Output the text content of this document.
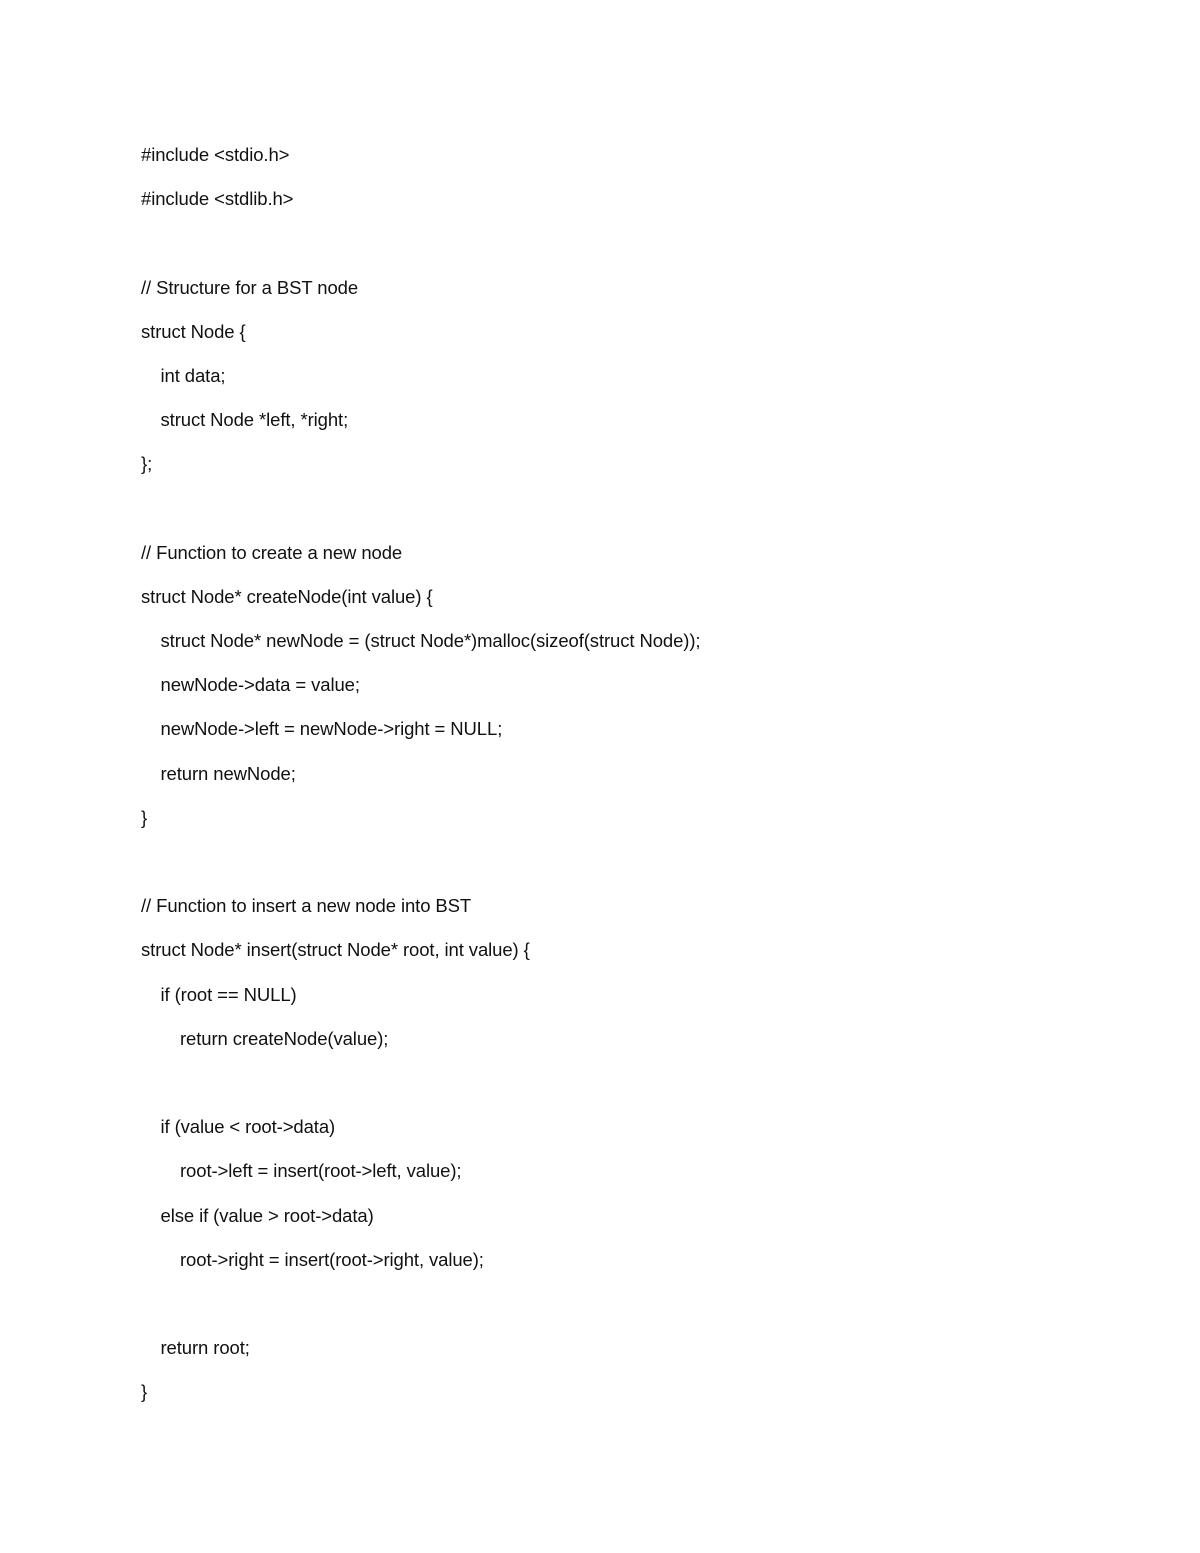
#include <stdio.h>
#include <stdlib.h>
// Structure for a BST node
struct Node {
int data;
struct Node *left, *right;
};
// Function to create a new node
struct Node* createNode(int value) {
struct Node* newNode = (struct Node*)malloc(sizeof(struct Node));
newNode->data = value;
newNode->left = newNode->right = NULL;
return newNode;
}
// Function to insert a new node into BST
struct Node* insert(struct Node* root, int value) {
if (root == NULL)
return createNode(value);
if (value < root->data)
root->left = insert(root->left, value);
else if (value > root->data)
root->right = insert(root->right, value);
return root;
}
